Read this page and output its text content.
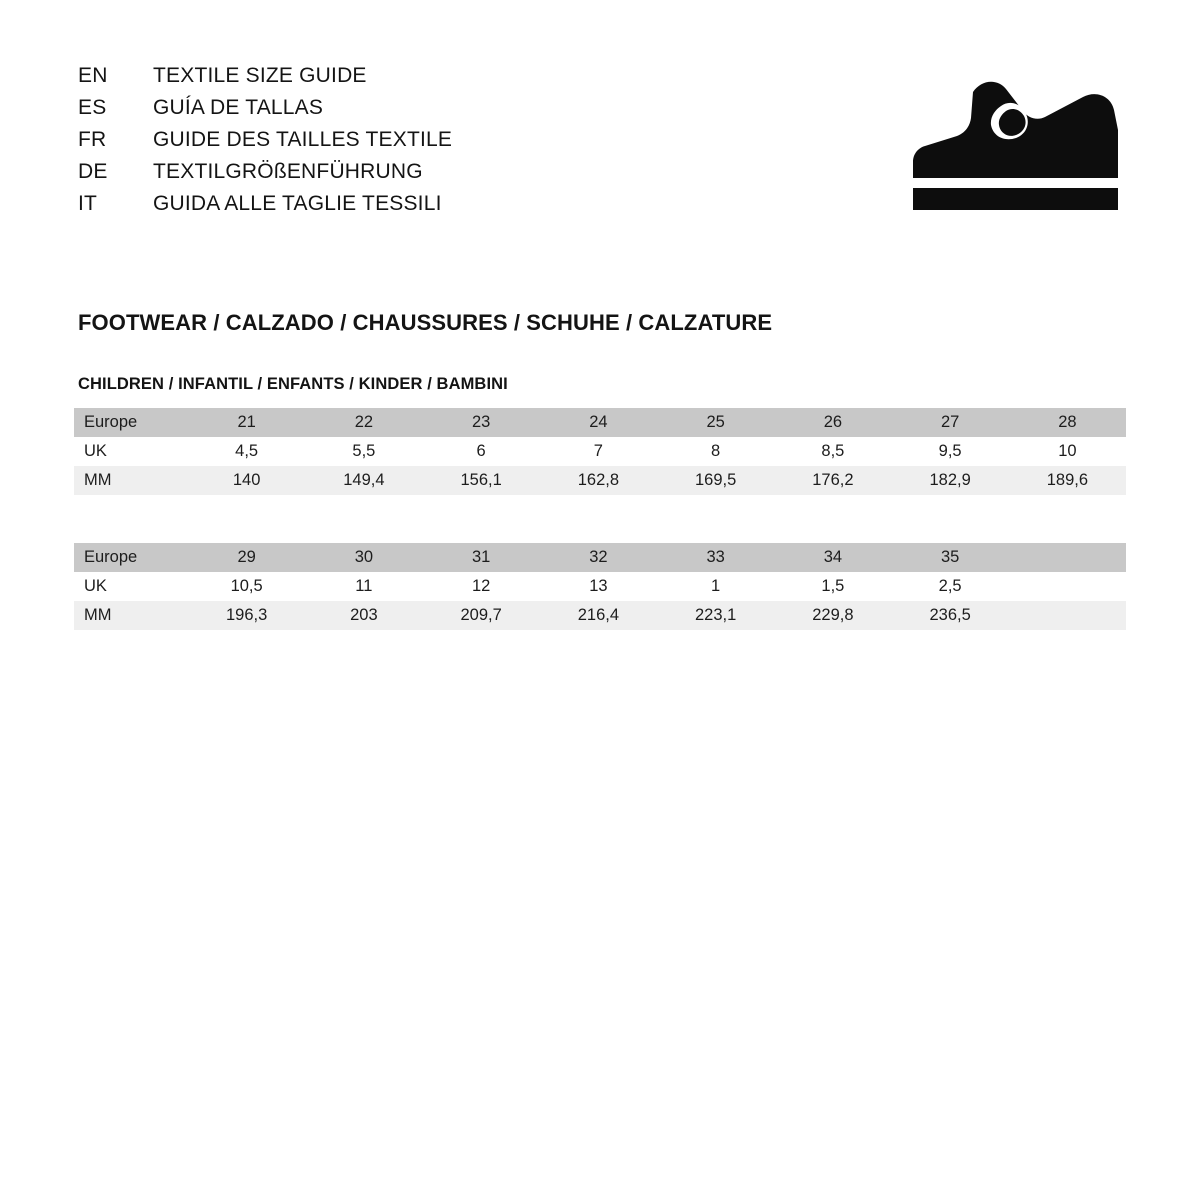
EN	TEXTILE SIZE GUIDE
ES	GUÍA DE TALLAS
FR	GUIDE DES TAILLES TEXTILE
DE	TEXTILGRÖßENFÜHRUNG
IT	GUIDA ALLE TAGLIE TESSILI
FOOTWEAR / CALZADO / CHAUSSURES / SCHUHE / CALZATURE
CHILDREN / INFANTIL / ENFANTS / KINDER / BAMBINI
Europe	21	22	23	24	25	26	27	28
UK	4,5	5,5	6	7	8	8,5	9,5	10
MM	140	149,4	156,1	162,8	169,5	176,2	182,9	189,6
Europe	29	30	31	32	33	34	35	
UK	10,5	11	12	13	1	1,5	2,5	
MM	196,3	203	209,7	216,4	223,1	229,8	236,5	
